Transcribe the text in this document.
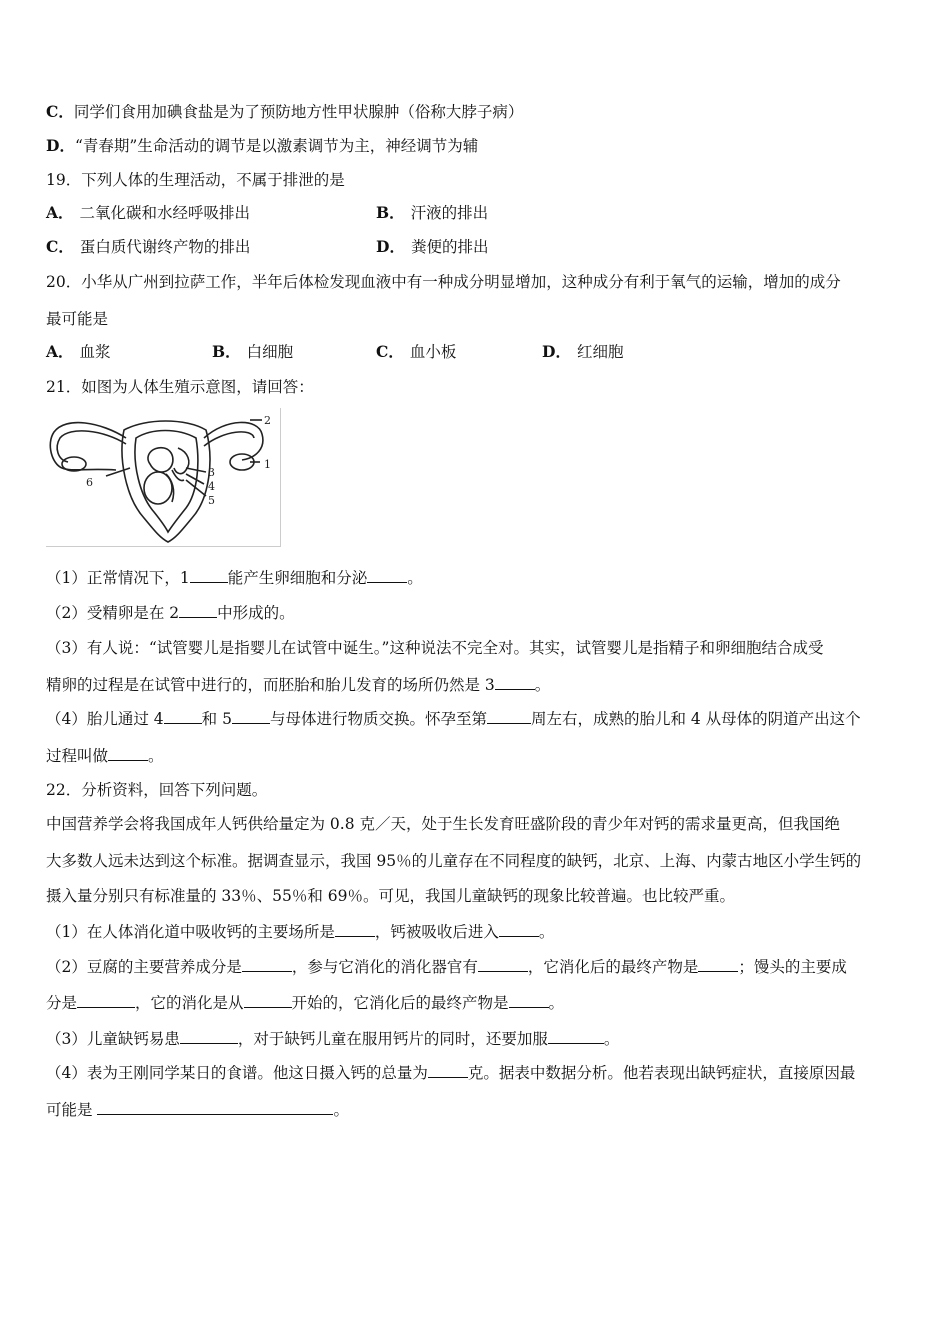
C．同学们食用加碘食盐是为了预防地方性甲状腺肿（俗称大脖子病）
D．“青春期”生命活动的调节是以激素调节为主，神经调节为辅
19．下列人体的生理活动，不属于排泄的是
A． 二氧化碳和水经呼吸排出	B． 汗液的排出
C． 蛋白质代谢终产物的排出	D． 粪便的排出
20．小华从广州到拉萨工作，半年后体检发现血液中有一种成分明显增加，这种成分有利于氧气的运输，增加的成分
最可能是
A． 血浆	B． 白细胞	C． 血小板	D． 红细胞
21．如图为人体生殖示意图，请回答：
1
2
3
4
5
6
（1）正常情况下，1 能产生卵细胞和分泌	。
（2）受精卵是在 2 中形成的。
（3）有人说：“试管婴儿是指婴儿在试管中诞生。”这种说法不完全对。其实，试管婴儿是指精子和卵细胞结合成受
精卵的过程是在试管中进行的，而胚胎和胎儿发育的场所仍然是 3	。
（4）胎儿通过 4 和 5 与母体进行物质交换。怀孕至第	周左右，成熟的胎儿和 4 从母体的阴道产出这个
过程叫做	。
22．分析资料，回答下列问题。
中国营养学会将我国成年人钙供给量定为 0.8 克／天，处于生长发育旺盛阶段的青少年对钙的需求量更高，但我国绝
大多数人远未达到这个标准。据调查显示，我国 95％的儿童存在不同程度的缺钙，北京、上海、内蒙古地区小学生钙的
摄入量分别只有标准量的 33％、55％和 69％。可见，我国儿童缺钙的现象比较普遍。也比较严重。
（1）在人体消化道中吸收钙的主要场所是	，钙被吸收后进入	。
（2）豆腐的主要营养成分是	，参与它消化的消化器官有	，它消化后的最终产物是	；馒头的主要成
分是	，它的消化是从	开始的，它消化后的最终产物是	。
（3）儿童缺钙易患	，对于缺钙儿童在服用钙片的同时，还要加服	。
（4）表为王刚同学某日的食谱。他这日摄入钙的总量为	克。据表中数据分析。他若表现出缺钙症状，直接原因最
可能是	。
